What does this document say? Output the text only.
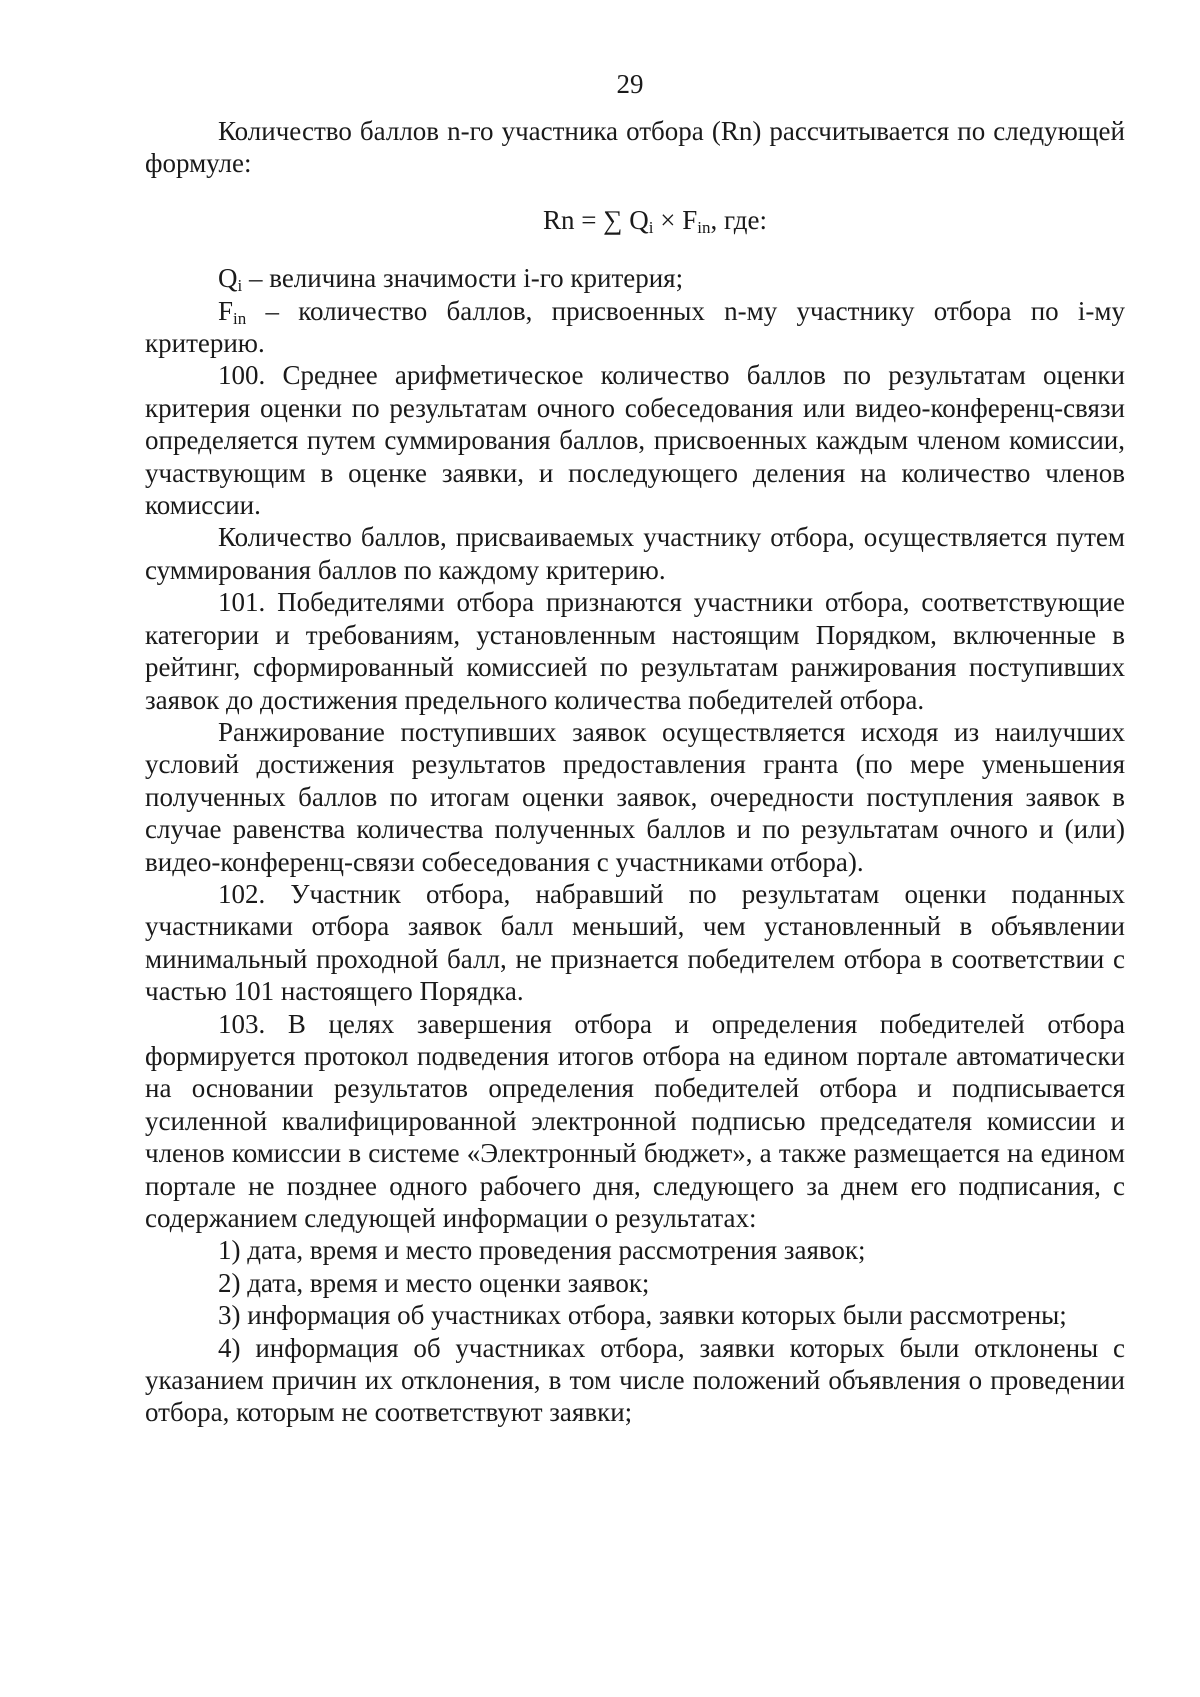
29

Количество баллов n-го участника отбора (Rn) рассчитывается по следующей формуле:

Rn = ∑ $Q_i \times F_{in}$, где:

$Q_i$ – величина значимости i-го критерия;

$F_{in}$ – количество баллов, присвоенных n-му участнику отбора по i-му критерию.

100. Среднее арифметическое количество баллов по результатам оценки критерия оценки по результатам очного собеседования или видео-конференц-связи определяется путем суммирования баллов, присвоенных каждым членом комиссии, участвующим в оценке заявки, и последующего деления на количество членов комиссии.

Количество баллов, присваиваемых участнику отбора, осуществляется путем суммирования баллов по каждому критерию.

101. Победителями отбора признаются участники отбора, соответствующие категории и требованиям, установленным настоящим Порядком, включенные в рейтинг, сформированный комиссией по результатам ранжирования поступивших заявок до достижения предельного количества победителей отбора.

Ранжирование поступивших заявок осуществляется исходя из наилучших условий достижения результатов предоставления гранта (по мере уменьшения полученных баллов по итогам оценки заявок, очередности поступления заявок в случае равенства количества полученных баллов и по результатам очного и (или) видео-конференц-связи собеседования с участниками отбора).

102. Участник отбора, набравший по результатам оценки поданных участниками отбора заявок балл меньший, чем установленный в объявлении минимальный проходной балл, не признается победителем отбора в соответствии с частью 101 настоящего Порядка.

103. В целях завершения отбора и определения победителей отбора формируется протокол подведения итогов отбора на едином портале автоматически на основании результатов определения победителей отбора и подписывается усиленной квалифицированной электронной подписью председателя комиссии и членов комиссии в системе «Электронный бюджет», а также размещается на едином портале не позднее одного рабочего дня, следующего за днем его подписания, с содержанием следующей информации о результатах:

1) дата, время и место проведения рассмотрения заявок;

2) дата, время и место оценки заявок;

3) информация об участниках отбора, заявки которых были рассмотрены;

4) информация об участниках отбора, заявки которых были отклонены с указанием причин их отклонения, в том числе положений объявления о проведении отбора, которым не соответствуют заявки;
